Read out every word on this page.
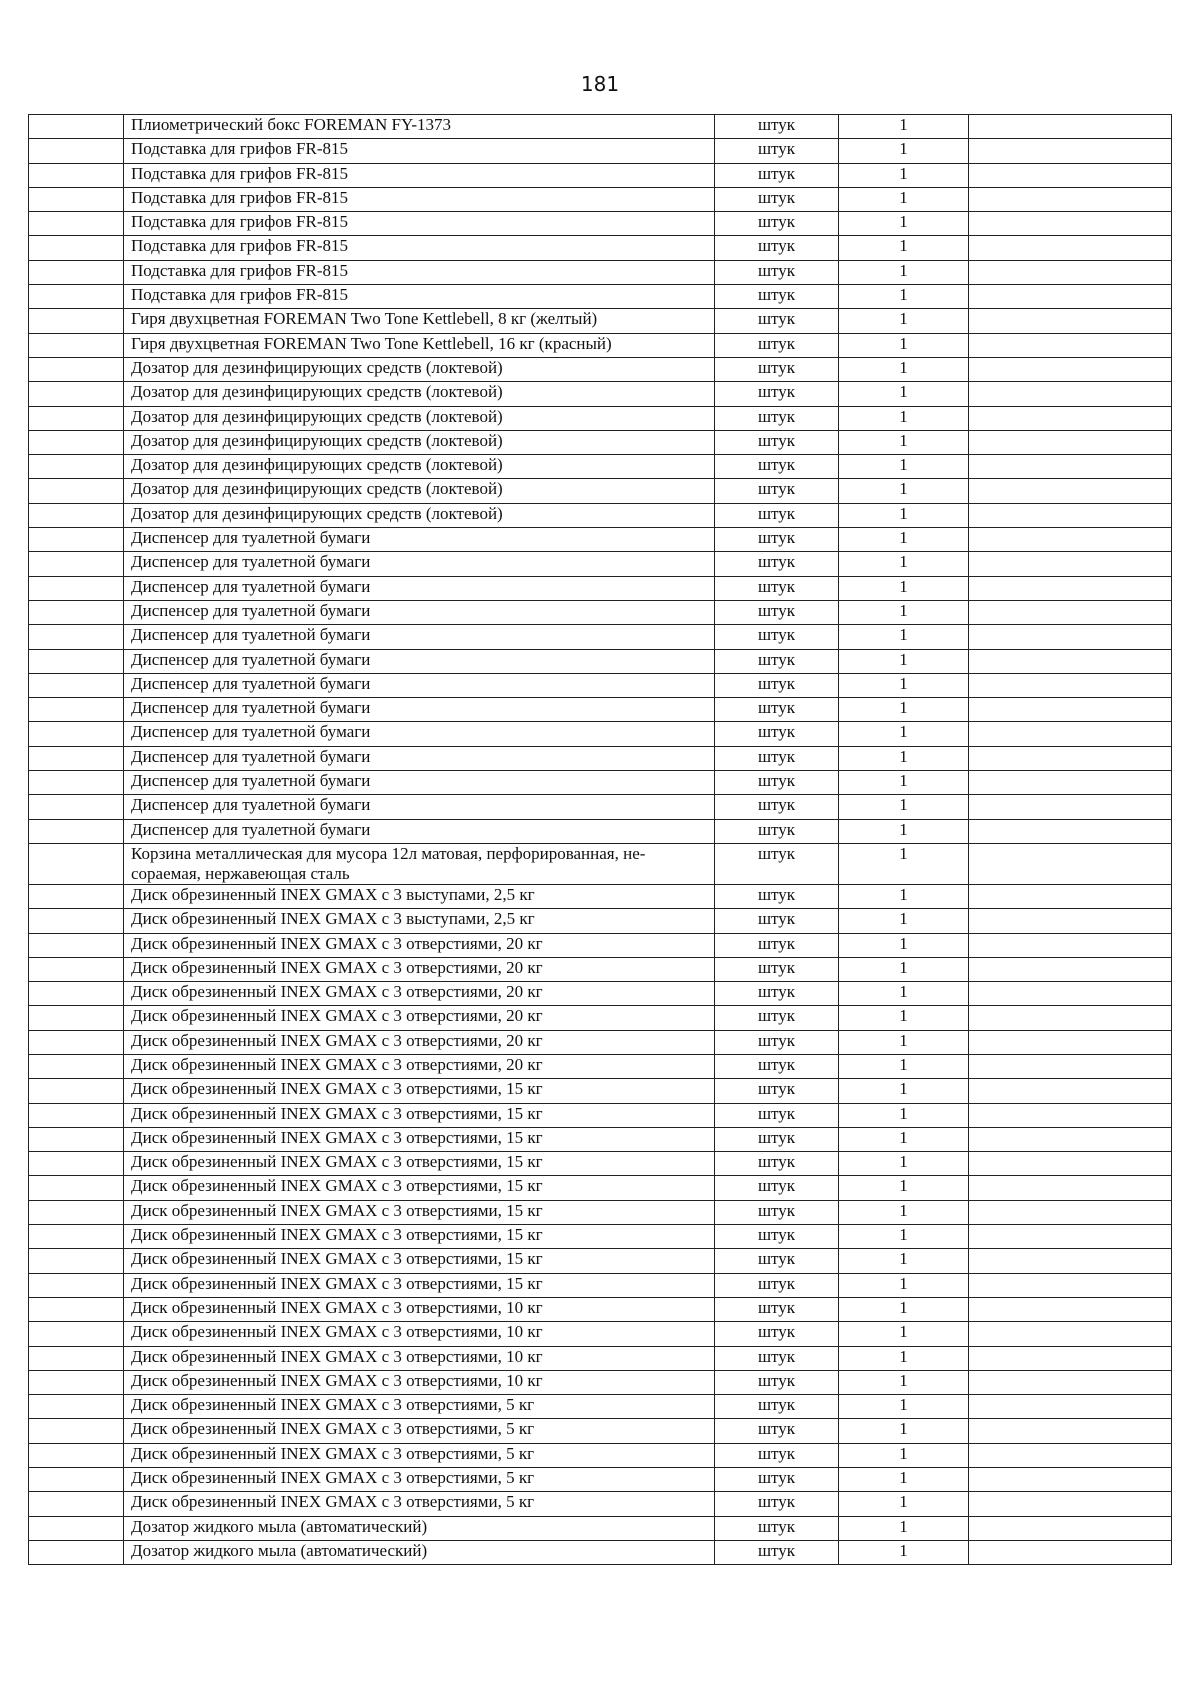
181
	Плиометрический бокс FOREMAN FY-1373	штук	1	
	Подставка для грифов FR-815	штук	1	
	Подставка для грифов FR-815	штук	1	
	Подставка для грифов FR-815	штук	1	
	Подставка для грифов FR-815	штук	1	
	Подставка для грифов FR-815	штук	1	
	Подставка для грифов FR-815	штук	1	
	Подставка для грифов FR-815	штук	1	
	Гиря двухцветная FOREMAN Two Tone Kettlebell, 8 кг (желтый)	штук	1	
	Гиря двухцветная FOREMAN Two Tone Kettlebell, 16 кг (красный)	штук	1	
	Дозатор для дезинфицирующих средств (локтевой)	штук	1	
	Дозатор для дезинфицирующих средств (локтевой)	штук	1	
	Дозатор для дезинфицирующих средств (локтевой)	штук	1	
	Дозатор для дезинфицирующих средств (локтевой)	штук	1	
	Дозатор для дезинфицирующих средств (локтевой)	штук	1	
	Дозатор для дезинфицирующих средств (локтевой)	штук	1	
	Дозатор для дезинфицирующих средств (локтевой)	штук	1	
	Диспенсер для туалетной бумаги	штук	1	
	Диспенсер для туалетной бумаги	штук	1	
	Диспенсер для туалетной бумаги	штук	1	
	Диспенсер для туалетной бумаги	штук	1	
	Диспенсер для туалетной бумаги	штук	1	
	Диспенсер для туалетной бумаги	штук	1	
	Диспенсер для туалетной бумаги	штук	1	
	Диспенсер для туалетной бумаги	штук	1	
	Диспенсер для туалетной бумаги	штук	1	
	Диспенсер для туалетной бумаги	штук	1	
	Диспенсер для туалетной бумаги	штук	1	
	Диспенсер для туалетной бумаги	штук	1	
	Диспенсер для туалетной бумаги	штук	1	
	Корзина металлическая для мусора 12л матовая, перфорированная, не-
сораемая, нержавеющая сталь	штук	1	
	Диск обрезиненный INEX GMAX с 3 выступами, 2,5 кг	штук	1	
	Диск обрезиненный INEX GMAX с 3 выступами, 2,5 кг	штук	1	
	Диск обрезиненный INEX GMAX с 3 отверстиями, 20 кг	штук	1	
	Диск обрезиненный INEX GMAX с 3 отверстиями, 20 кг	штук	1	
	Диск обрезиненный INEX GMAX с 3 отверстиями, 20 кг	штук	1	
	Диск обрезиненный INEX GMAX с 3 отверстиями, 20 кг	штук	1	
	Диск обрезиненный INEX GMAX с 3 отверстиями, 20 кг	штук	1	
	Диск обрезиненный INEX GMAX с 3 отверстиями, 20 кг	штук	1	
	Диск обрезиненный INEX GMAX с 3 отверстиями, 15 кг	штук	1	
	Диск обрезиненный INEX GMAX с 3 отверстиями, 15 кг	штук	1	
	Диск обрезиненный INEX GMAX с 3 отверстиями, 15 кг	штук	1	
	Диск обрезиненный INEX GMAX с 3 отверстиями, 15 кг	штук	1	
	Диск обрезиненный INEX GMAX с 3 отверстиями, 15 кг	штук	1	
	Диск обрезиненный INEX GMAX с 3 отверстиями, 15 кг	штук	1	
	Диск обрезиненный INEX GMAX с 3 отверстиями, 15 кг	штук	1	
	Диск обрезиненный INEX GMAX с 3 отверстиями, 15 кг	штук	1	
	Диск обрезиненный INEX GMAX с 3 отверстиями, 15 кг	штук	1	
	Диск обрезиненный INEX GMAX с 3 отверстиями, 10 кг	штук	1	
	Диск обрезиненный INEX GMAX с 3 отверстиями, 10 кг	штук	1	
	Диск обрезиненный INEX GMAX с 3 отверстиями, 10 кг	штук	1	
	Диск обрезиненный INEX GMAX с 3 отверстиями, 10 кг	штук	1	
	Диск обрезиненный INEX GMAX с 3 отверстиями, 5 кг	штук	1	
	Диск обрезиненный INEX GMAX с 3 отверстиями, 5 кг	штук	1	
	Диск обрезиненный INEX GMAX с 3 отверстиями, 5 кг	штук	1	
	Диск обрезиненный INEX GMAX с 3 отверстиями, 5 кг	штук	1	
	Диск обрезиненный INEX GMAX с 3 отверстиями, 5 кг	штук	1	
	Дозатор жидкого мыла (автоматический)	штук	1	
	Дозатор жидкого мыла (автоматический)	штук	1	
